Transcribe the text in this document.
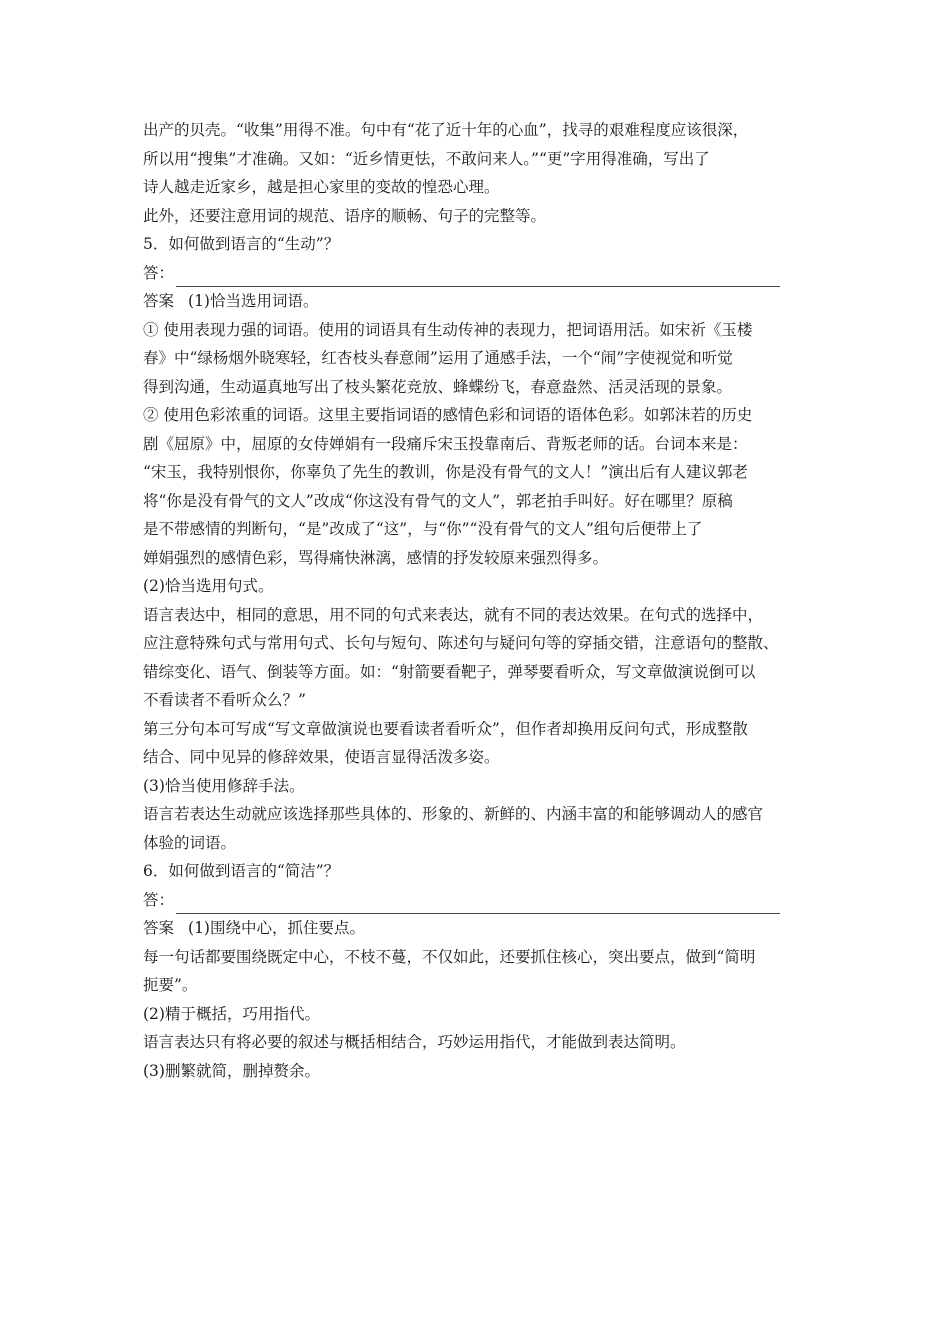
出产的贝壳。“收集”用得不准。句中有“花了近十年的心血”，找寻的艰难程度应该很深，
所以用“搜集”才准确。又如：“近乡情更怯，不敢问来人。”“更”字用得准确，写出了
诗人越走近家乡，越是担心家里的变故的惶恐心理。
此外，还要注意用词的规范、语序的顺畅、句子的完整等。
5．如何做到语言的“生动”？
答：
答案 (1)恰当选用词语。
① 使用表现力强的词语。使用的词语具有生动传神的表现力，把词语用活。如宋祈《玉楼
春》中“绿杨烟外晓寒轻，红杏枝头春意闹”运用了通感手法，一个“闹”字使视觉和听觉
得到沟通，生动逼真地写出了枝头繁花竞放、蜂蝶纷飞，春意盎然、活灵活现的景象。
② 使用色彩浓重的词语。这里主要指词语的感情色彩和词语的语体色彩。如郭沫若的历史
剧《屈原》中，屈原的女侍婵娟有一段痛斥宋玉投靠南后、背叛老师的话。台词本来是：
“宋玉，我特别恨你，你辜负了先生的教训，你是没有骨气的文人！”演出后有人建议郭老
将“你是没有骨气的文人”改成“你这没有骨气的文人”，郭老拍手叫好。好在哪里？原稿
是不带感情的判断句，“是”改成了“这”，与“你”“没有骨气的文人”组句后便带上了
婵娟强烈的感情色彩，骂得痛快淋漓，感情的抒发较原来强烈得多。
(2)恰当选用句式。
语言表达中，相同的意思，用不同的句式来表达，就有不同的表达效果。在句式的选择中，
应注意特殊句式与常用句式、长句与短句、陈述句与疑问句等的穿插交错，注意语句的整散、
错综变化、语气、倒装等方面。如：“射箭要看靶子，弹琴要看听众，写文章做演说倒可以
不看读者不看听众么？”
第三分句本可写成“写文章做演说也要看读者看听众”，但作者却换用反问句式，形成整散
结合、同中见异的修辞效果，使语言显得活泼多姿。
(3)恰当使用修辞手法。
语言若表达生动就应该选择那些具体的、形象的、新鲜的、内涵丰富的和能够调动人的感官
体验的词语。
6．如何做到语言的“简洁”？
答：
答案 (1)围绕中心，抓住要点。
每一句话都要围绕既定中心，不枝不蔓，不仅如此，还要抓住核心，突出要点，做到“简明
扼要”。
(2)精于概括，巧用指代。
语言表达只有将必要的叙述与概括相结合，巧妙运用指代，才能做到表达简明。
(3)删繁就简，删掉赘余。
